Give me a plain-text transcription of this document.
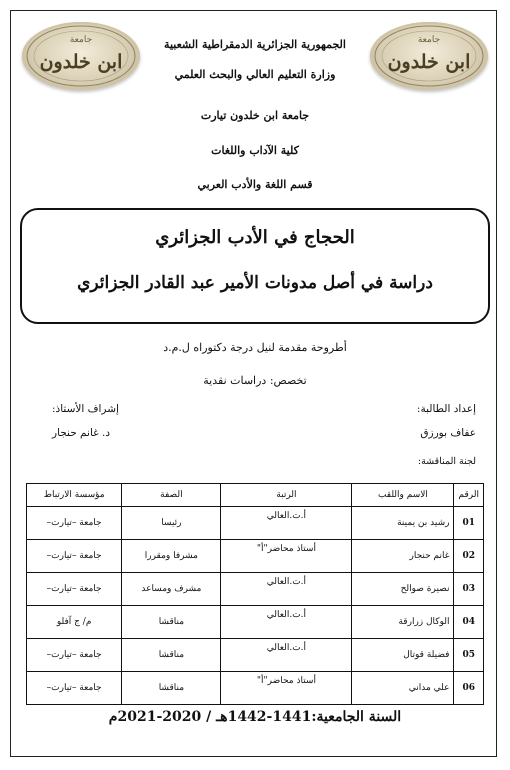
جامعة
ابن خلدون
جامعة
ابن خلدون
الجمهورية الجزائرية الدمقراطية الشعبية
وزارة التعليم العالي والبحث العلمي
جامعة ابن خلدون تيارت
كلية الآداب واللغات
قسم اللغة والأدب العربي
الحجاج في الأدب الجزائري
دراسة في أصل مدونات الأمير عبد القادر الجزائري
أطروحة مقدمة لنيل درجة دكتوراه ل.م.د
تخصص: دراسات نقدية
إعداد الطالبة:
عفاف بورزق
إشراف الأستاذ:
د. غانم حنجار
لجنة المناقشة:
الرقم	الاسم واللقب	الرتبة	الصفة	مؤسسة الارتباط
01	رشيد بن يمينة	أ.ت.العالي	رئيسا	جامعة –تيارت–
02	غانم حنجار	أستاذ محاضر"أ"	مشرفا ومقررا	جامعة –تيارت–
03	نصيرة صوالح	أ.ت.العالي	مشرف ومساعد	جامعة –تيارت–
04	الوكال زرارقة	أ.ت.العالي	مناقشا	م/ ج آفلو
05	فضيلة قوتال	أ.ت.العالي	مناقشا	جامعة –تيارت–
06	علي مداني	أستاذ محاضر"أ"	مناقشا	جامعة –تيارت–
السنة الجامعية:1441-1442هـ / 2020-2021م
